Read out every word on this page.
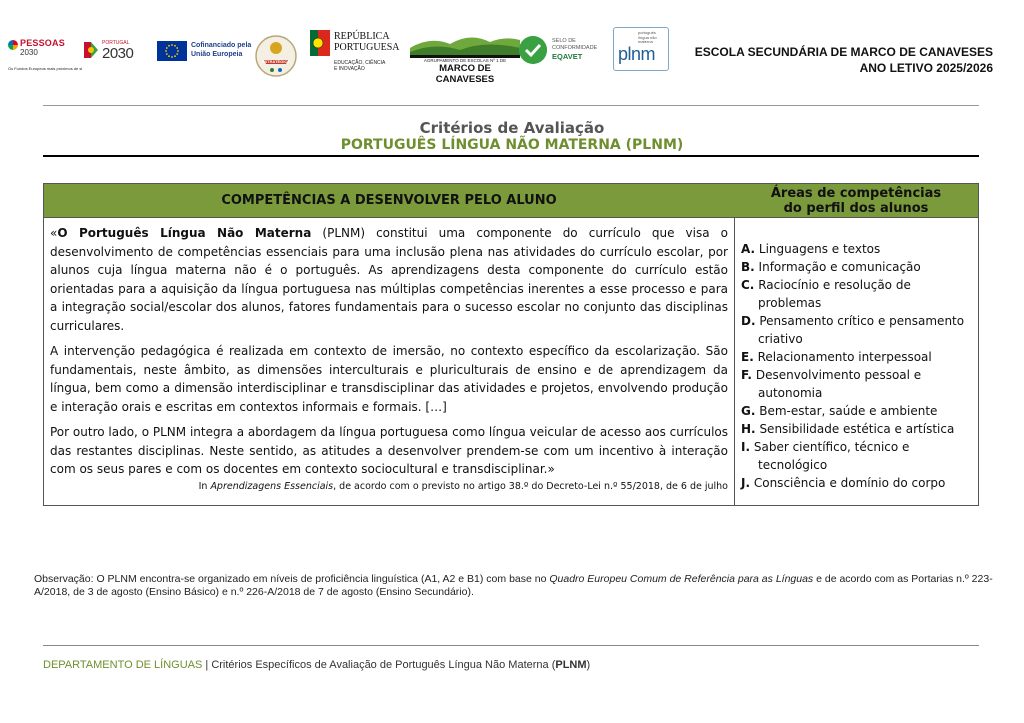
PESSOAS
2030
Os Fundos Europeus mais próximos de si
PORTUGAL
2030	Cofinanciado pela
União Europeia
ESTRATÉGICA
REPÚBLICA
PORTUGUESA
EDUCAÇÃO, CIÊNCIA
E INOVAÇÃO
AGRUPAMENTO DE ESCOLAS Nº 1 DE
MARCO DE CANAVESES
SELO DE
CONFORMIDADE
EQAVET
português
língua não
materna
plnm	ESCOLA SECUNDÁRIA DE MARCO DE CANAVESES
ANO LETIVO 2025/2026
Critérios de Avaliação
PORTUGUÊS LÍNGUA NÃO MATERNA (PLNM)
COMPETÊNCIAS A DESENVOLVER PELO ALUNO	Áreas de competências
do perfil dos alunos

«O Português Língua Não Materna (PLNM) constitui uma componente do currículo que visa o desenvolvimento de competências essenciais para uma inclusão plena nas atividades do currículo escolar, por alunos cuja língua materna não é o português. As aprendizagens desta componente do currículo estão orientadas para a aquisição da língua portuguesa nas múltiplas competências inerentes a esse processo e para a integração social/escolar dos alunos, fatores fundamentais para o sucesso escolar no conjunto das disciplinas curriculares.

A intervenção pedagógica é realizada em contexto de imersão, no contexto específico da escolarização. São fundamentais, neste âmbito, as dimensões interculturais e pluriculturais de ensino e de aprendizagem da língua, bem como a dimensão interdisciplinar e transdisciplinar das atividades e projetos, envolvendo produção e interação orais e escritas em contextos informais e formais. […]

Por outro lado, o PLNM integra a abordagem da língua portuguesa como língua veicular de acesso aos currículos das restantes disciplinas. Neste sentido, as atitudes a desenvolver prendem-se com um incentivo à interação com os seus pares e com os docentes em contexto sociocultural e transdisciplinar.»

In Aprendizagens Essenciais, de acordo com o previsto no artigo 38.º do Decreto-Lei n.º 55/2018, de 6 de julho
A. Linguagens e textos
B. Informação e comunicação
C. Raciocínio e resolução de problemas
D. Pensamento crítico e pensamento criativo
E. Relacionamento interpessoal
F. Desenvolvimento pessoal e autonomia
G. Bem-estar, saúde e ambiente
H. Sensibilidade estética e artística
I. Saber científico, técnico e tecnológico
J. Consciência e domínio do corpo
Observação: O PLNM encontra-se organizado em níveis de proficiência linguística (A1, A2 e B1) com base no Quadro Europeu Comum de Referência para as Línguas e de acordo com as Portarias n.º 223-A/2018, de 3 de agosto (Ensino Básico) e n.º 226-A/2018 de 7 de agosto (Ensino Secundário).
DEPARTAMENTO DE LÍNGUAS | Critérios Específicos de Avaliação de Português Língua Não Materna (PLNM)
